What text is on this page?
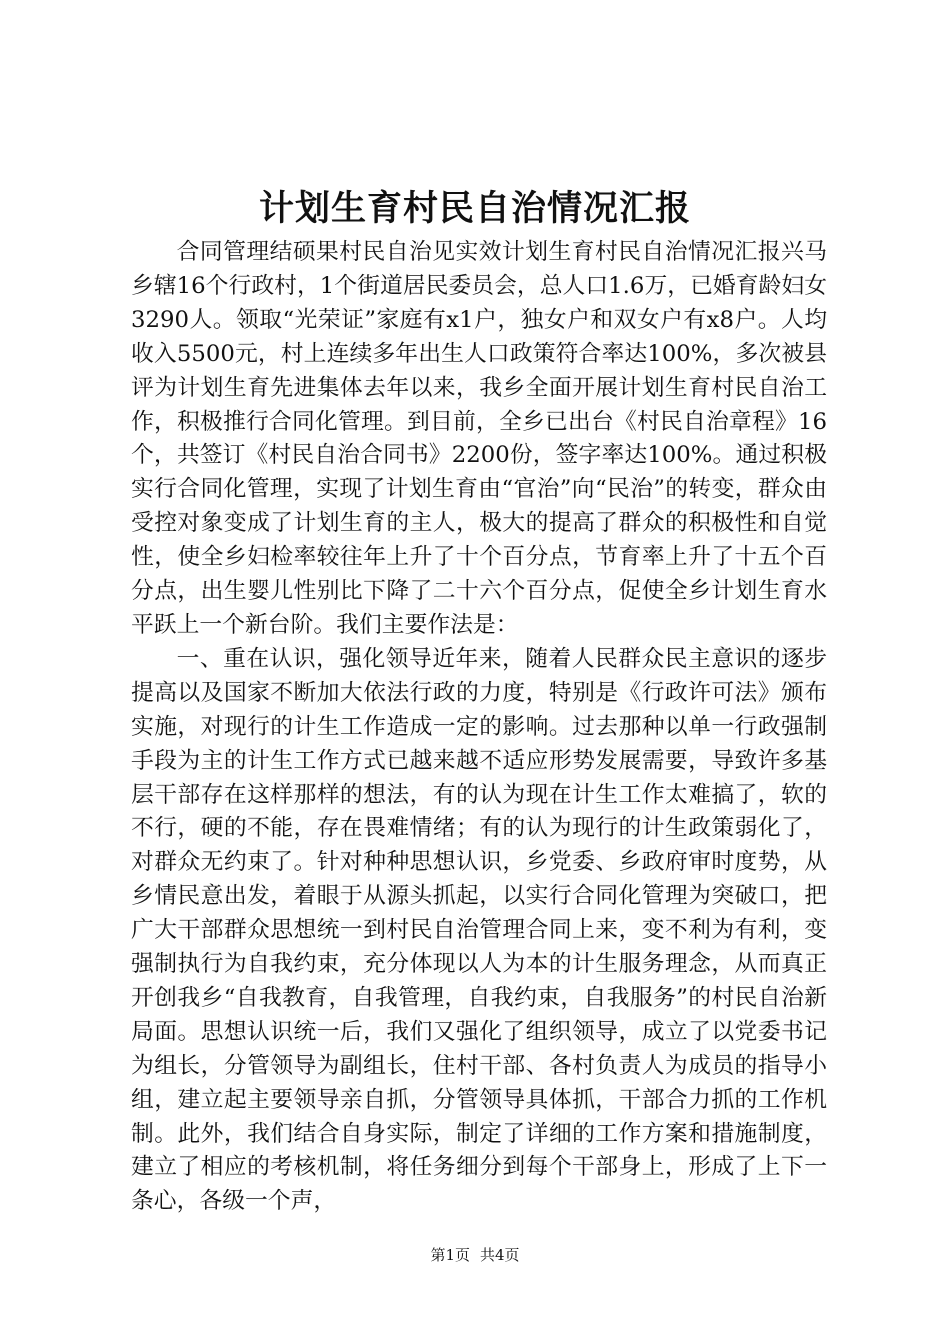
计划生育村民自治情况汇报

合同管理结硕果村民自治见实效计划生育村民自治情况汇报兴马乡辖16个行政村，1个街道居民委员会，总人口1.6万，已婚育龄妇女3290人。领取“光荣证”家庭有x1户，独女户和双女户有x8户。人均收入5500元，村上连续多年出生人口政策符合率达100%，多次被县评为计划生育先进集体去年以来，我乡全面开展计划生育村民自治工作，积极推行合同化管理。到目前，全乡已出台《村民自治章程》16个，共签订《村民自治合同书》2200份，签字率达100%。通过积极实行合同化管理，实现了计划生育由“官治”向“民治”的转变，群众由受控对象变成了计划生育的主人，极大的提高了群众的积极性和自觉性，使全乡妇检率较往年上升了十个百分点，节育率上升了十五个百分点，出生婴儿性别比下降了二十六个百分点，促使全乡计划生育水平跃上一个新台阶。我们主要作法是：

一、重在认识，强化领导近年来，随着人民群众民主意识的逐步提高以及国家不断加大依法行政的力度，特别是《行政许可法》颁布实施，对现行的计生工作造成一定的影响。过去那种以单一行政强制手段为主的计生工作方式已越来越不适应形势发展需要，导致许多基层干部存在这样那样的想法，有的认为现在计生工作太难搞了，软的不行，硬的不能，存在畏难情绪；有的认为现行的计生政策弱化了，对群众无约束了。针对种种思想认识，乡党委、乡政府审时度势，从乡情民意出发，着眼于从源头抓起，以实行合同化管理为突破口，把广大干部群众思想统一到村民自治管理合同上来，变不利为有利，变强制执行为自我约束，充分体现以人为本的计生服务理念，从而真正开创我乡“自我教育，自我管理，自我约束，自我服务”的村民自治新局面。思想认识统一后，我们又强化了组织领导，成立了以党委书记为组长，分管领导为副组长，住村干部、各村负责人为成员的指导小组，建立起主要领导亲自抓，分管领导具体抓，干部合力抓的工作机制。此外，我们结合自身实际，制定了详细的工作方案和措施制度，建立了相应的考核机制，将任务细分到每个干部身上，形成了上下一条心，各级一个声，

第1页 共4页
